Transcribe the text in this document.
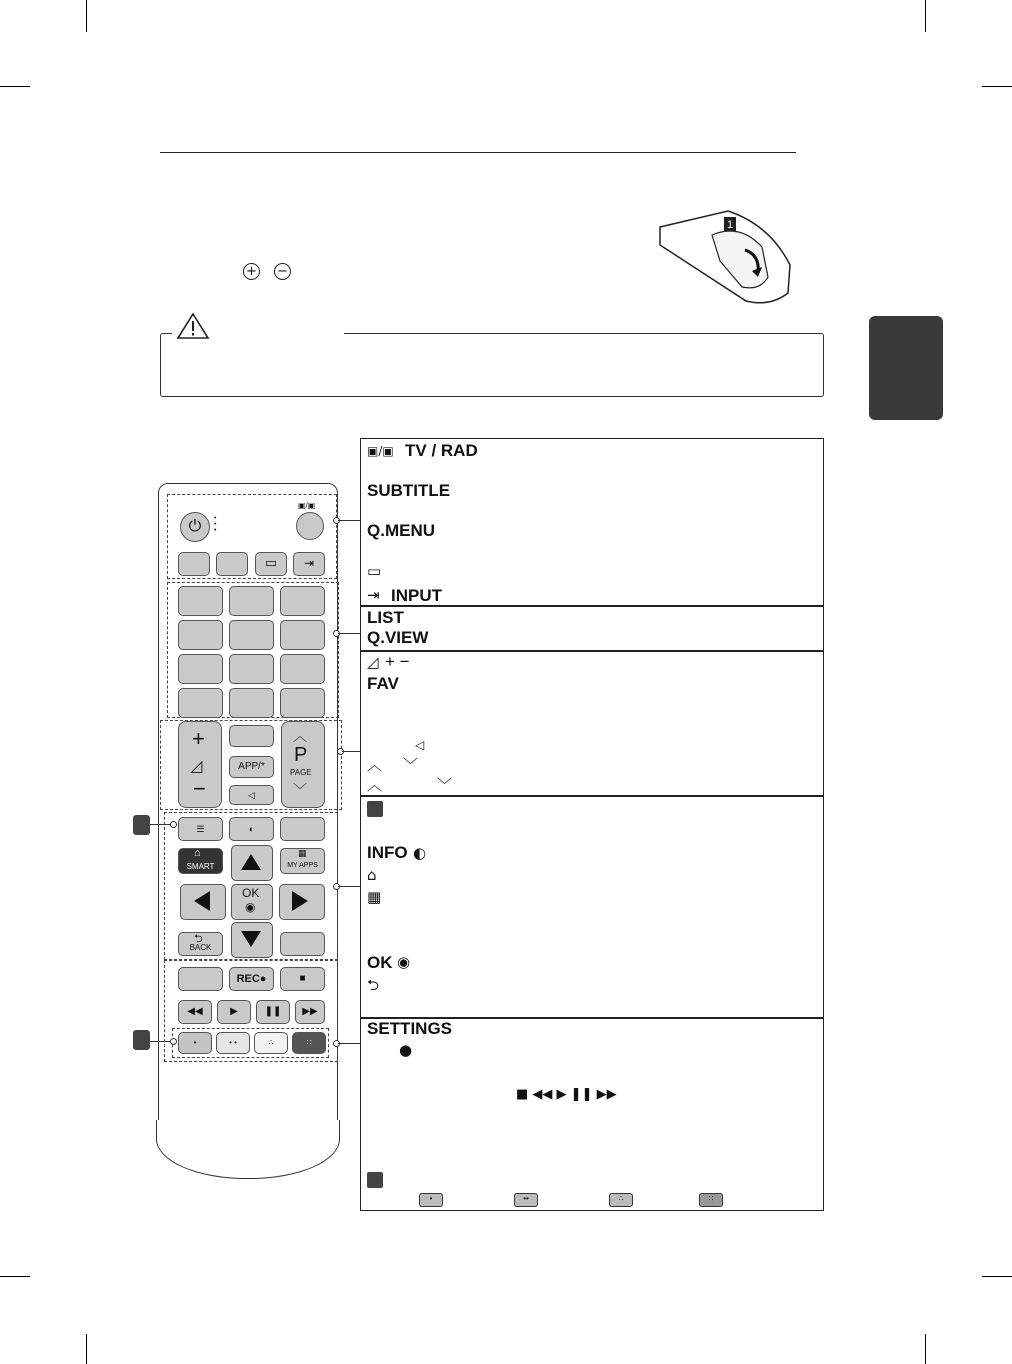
+ −
1
⏻	•
•
•
▣/▣
▭	⇥
+
◿
−
APP/*
◁
︿
P
PAGE
﹀
☰	◐
SMART
⌂
MY APPS
▦
OK
◉
BACK
⮌
REC●	■
◀◀	▶	❚❚	▶▶
•	• •	∴	∷
▣/▣ TV / RAD
SUBTITLE
Q.MENU
▭
⇥ INPUT
LIST
Q.VIEW
◿ + −
FAV
◁
︿ ﹀
︿	﹀
INFO ◐
⌂
▦
OK ◉
⮌
SETTINGS
●
■ ◀◀ ▶ ❚❚ ▶▶
•	••	∴	∷
